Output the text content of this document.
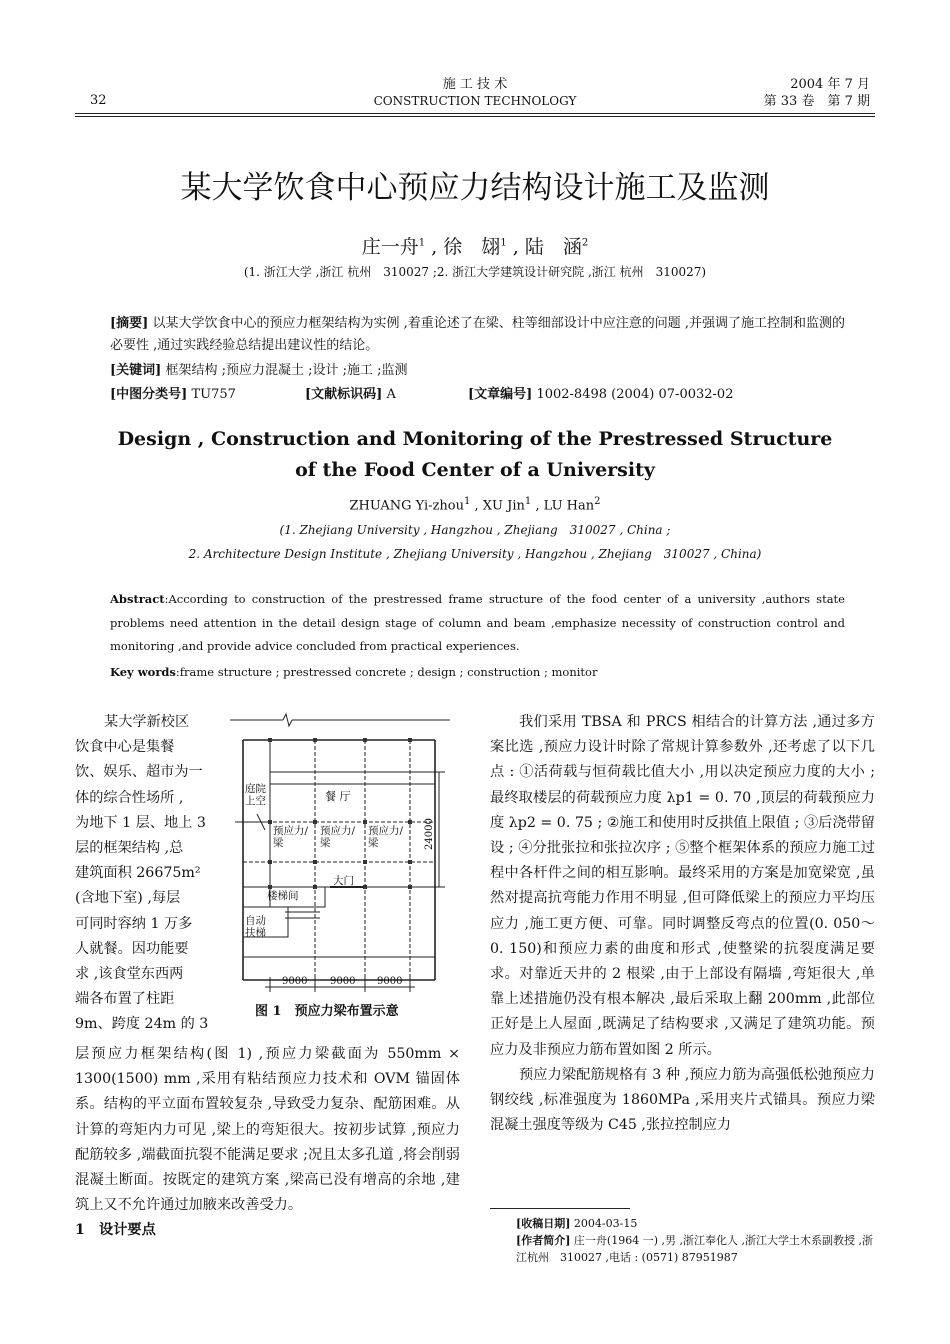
32
施 工 技 术
CONSTRUCTION TECHNOLOGY
2004 年 7 月
第 33 卷　第 7 期
某大学饮食中心预应力结构设计施工及监测
庄一舟$^1$ , 徐　翃$^1$ , 陆　涵$^2$
(1. 浙江大学 ,浙江 杭州　310027 ;2. 浙江大学建筑设计研究院 ,浙江 杭州　310027)
[摘要] 以某大学饮食中心的预应力框架结构为实例 ,着重论述了在梁、柱等细部设计中应注意的问题 ,并强调了施工控制和监测的必要性 ,通过实践经验总结提出建议性的结论。
[关键词] 框架结构 ;预应力混凝土 ;设计 ;施工 ;监测
[中图分类号] TU757	[文献标识码] A	[文章编号] 1002-8498 (2004) 07-0032-02
Design , Construction and Monitoring of the Prestressed Structure
of the Food Center of a University
ZHUANG Yi-zhou$^1$ , XU Jin$^1$ , LU Han$^2$
(1. Zhejiang University , Hangzhou , Zhejiang　310027 , China ;
2. Architecture Design Institute , Zhejiang University , Hangzhou , Zhejiang　310027 , China)
Abstract:According to construction of the prestressed frame structure of the food center of a university ,authors state problems need attention in the detail design stage of column and beam ,emphasize necessity of construction control and monitoring ,and provide advice concluded from practical experiences.
Key words:frame structure ; prestressed concrete ; design ; construction ; monitor
某大学新校区
饮食中心是集餐
饮、娱乐、超市为一
体的综合性场所 ,
为地下 1 层、地上 3
层的框架结构 ,总
建筑面积 26675m²
(含地下室) ,每层
可同时容纳 1 万多
人就餐。因功能要
求 ,该食堂东西两
端各布置了柱距
9m、跨度 24m 的 3
庭院
上空	餐 厅
预应力/
梁
预应力/
梁
预应力/
梁
大门
楼梯间
自动
扶梯
24000
9000 9000 9000
图 1　预应力梁布置示意

层预应力框架结构(图 1) ,预应力梁截面为 550mm × 1300(1500) mm ,采用有粘结预应力技术和 OVM 锚固体系。结构的平立面布置较复杂 ,导致受力复杂、配筋困难。从计算的弯矩内力可见 ,梁上的弯矩很大。按初步试算 ,预应力配筋较多 ,端截面抗裂不能满足要求 ;况且太多孔道 ,将会削弱混凝土断面。按既定的建筑方案 ,梁高已没有增高的余地 ,建筑上又不允许通过加腋来改善受力。

1　设计要点

我们采用 TBSA 和 PRCS 相结合的计算方法 ,通过多方案比选 ,预应力设计时除了常规计算参数外 ,还考虑了以下几点 : ①活荷载与恒荷载比值大小 ,用以决定预应力度的大小 ;最终取楼层的荷载预应力度 λp1 = 0. 70 ,顶层的荷载预应力度 λp2 = 0. 75 ; ②施工和使用时反拱值上限值 ; ③后浇带留设 ; ④分批张拉和张拉次序 ; ⑤整个框架体系的预应力施工过程中各杆件之间的相互影响。最终采用的方案是加宽梁宽 ,虽然对提高抗弯能力作用不明显 ,但可降低梁上的预应力平均压应力 ,施工更方便、可靠。同时调整反弯点的位置(0. 050～0. 150)和预应力素的曲度和形式 ,使整梁的抗裂度满足要求。对靠近天井的 2 根梁 ,由于上部设有隔墙 ,弯矩很大 ,单靠上述措施仍没有根本解决 ,最后采取上翻 200mm ,此部位正好是上人屋面 ,既满足了结构要求 ,又满足了建筑功能。预应力及非预应力筋布置如图 2 所示。

预应力梁配筋规格有 3 种 ,预应力筋为高强低松弛预应力钢绞线 ,标准强度为 1860MPa ,采用夹片式锚具。预应力梁混凝土强度等级为 C45 ,张拉控制应力

[收稿日期] 2004-03-15
[作者简介] 庄一舟(1964 一) ,男 ,浙江奉化人 ,浙江大学土木系副教授 ,浙江杭州　310027 ,电话 : (0571) 87951987
